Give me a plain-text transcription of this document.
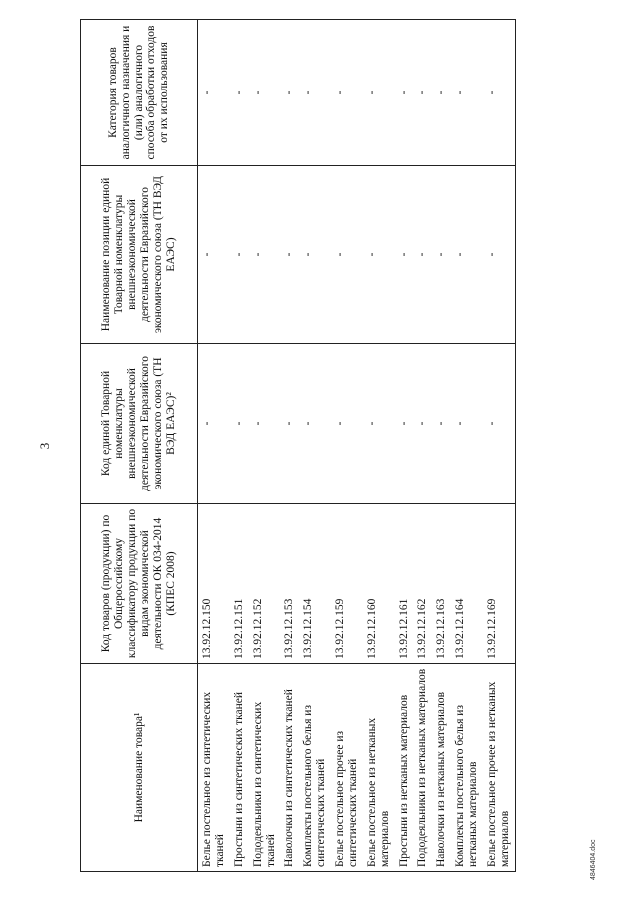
3
Наименование товара¹	Код товаров (продукции) по Общероссийскому классификатору продукции по видам экономической деятельности ОК 034-2014 (КПЕС 2008)	Код единой Товарной номенклатуры внешнеэкономической деятельности Евразийского экономического союза (ТН ВЭД ЕАЭС)²	Наименование позиции единой Товарной номенклатуры внешнеэкономической деятельности Евразийского экономического союза (ТН ВЭД ЕАЭС)	Категория товаров аналогичного назначения и (или) аналогичного способа обработки отходов от их использования
Белье постельное из синтетических тканей	13.92.12.150	-	-	-
Простыни из синтетических тканей	13.92.12.151	-	-	-
Пододеяльники из синтетических тканей	13.92.12.152	-	-	-
Наволочки из синтетических тканей	13.92.12.153	-	-	-
Комплекты постельного белья из синтетических тканей	13.92.12.154	-	-	-
Белье постельное прочее из синтетических тканей	13.92.12.159	-	-	-
Белье постельное из нетканых материалов	13.92.12.160	-	-	-
Простыни из нетканых материалов	13.92.12.161	-	-	-
Пододеяльники из нетканых материалов	13.92.12.162	-	-	-
Наволочки из нетканых материалов	13.92.12.163	-	-	-
Комплекты постельного белья из нетканых материалов	13.92.12.164	-	-	-
Белье постельное прочее из нетканых материалов	13.92.12.169	-	-	-
4846404.doc
